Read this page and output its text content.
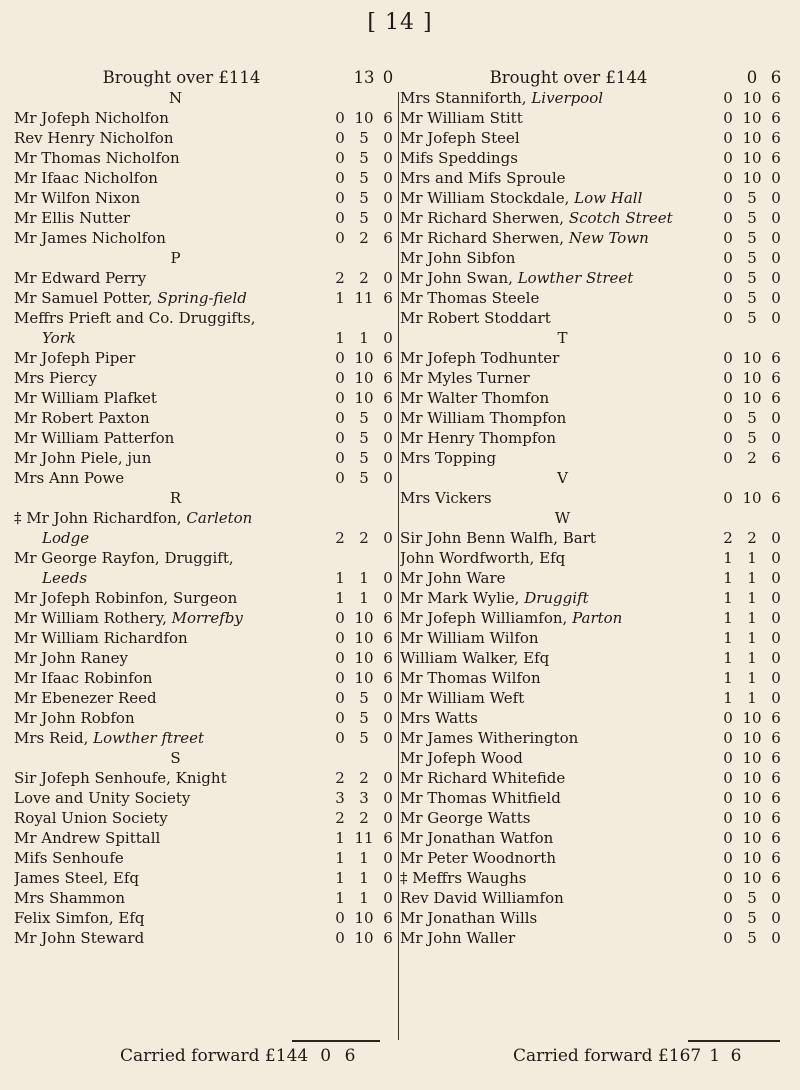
[ 14 ]
Brought over £114	13 0
N
Mr Jofeph Nicholfon	0 10 6
Rev Henry Nicholfon	0 5 0
Mr Thomas Nicholfon	0 5 0
Mr Ifaac Nicholfon	0 5 0
Mr Wilfon Nixon	0 5 0
Mr Ellis Nutter	0 5 0
Mr James Nicholfon	0 2 6
P
Mr Edward Perry	2 2 0
Mr Samuel Potter, Spring-field	1 11 6
Meffrs Prieft and Co. Druggifts,
York	1 1 0
Mr Jofeph Piper	0 10 6
Mrs Piercy	0 10 6
Mr William Plafket	0 10 6
Mr Robert Paxton	0 5 0
Mr William Patterfon	0 5 0
Mr John Piele, jun	0 5 0
Mrs Ann Powe	0 5 0
R
‡ Mr John Richardfon, Carleton
Lodge	2 2 0
Mr George Rayfon, Druggift,
Leeds	1 1 0
Mr Jofeph Robinfon, Surgeon	1 1 0
Mr William Rothery, Morrefby	0 10 6
Mr William Richardfon	0 10 6
Mr John Raney	0 10 6
Mr Ifaac Robinfon	0 10 6
Mr Ebenezer Reed	0 5 0
Mr John Robfon	0 5 0
Mrs Reid, Lowther ftreet	0 5 0
S
Sir Jofeph Senhoufe, Knight	2 2 0
Love and Unity Society	3 3 0
Royal Union Society	2 2 0
Mr Andrew Spittall	1 11 6
Mifs Senhoufe	1 1 0
James Steel, Efq	1 1 0
Mrs Shammon	1 1 0
Felix Simfon, Efq	0 10 6
Mr John Steward	0 10 6
Brought over £144	0 6
Mrs Stanniforth, Liverpool	0 10 6
Mr William Stitt	0 10 6
Mr Jofeph Steel	0 10 6
Mifs Speddings	0 10 6
Mrs and Mifs Sproule	0 10 0
Mr William Stockdale, Low Hall	0 5 0
Mr Richard Sherwen, Scotch Street	0 5 0
Mr Richard Sherwen, New Town	0 5 0
Mr John Sibfon	0 5 0
Mr John Swan, Lowther Street	0 5 0
Mr Thomas Steele	0 5 0
Mr Robert Stoddart	0 5 0
T
Mr Jofeph Todhunter	0 10 6
Mr Myles Turner	0 10 6
Mr Walter Thomfon	0 10 6
Mr William Thompfon	0 5 0
Mr Henry Thompfon	0 5 0
Mrs Topping	0 2 6
V
Mrs Vickers	0 10 6
W
Sir John Benn Walfh, Bart	2 2 0
John Wordfworth, Efq	1 1 0
Mr John Ware	1 1 0
Mr Mark Wylie, Druggift	1 1 0
Mr Jofeph Williamfon, Parton	1 1 0
Mr William Wilfon	1 1 0
William Walker, Efq	1 1 0
Mr Thomas Wilfon	1 1 0
Mr William Weft	1 1 0
Mrs Watts	0 10 6
Mr James Witherington	0 10 6
Mr Jofeph Wood	0 10 6
Mr Richard Whitefide	0 10 6
Mr Thomas Whitfield	0 10 6
Mr George Watts	0 10 6
Mr Jonathan Watfon	0 10 6
Mr Peter Woodnorth	0 10 6
‡ Meffrs Waughs	0 10 6
Rev David Williamfon	0 5 0
Mr Jonathan Wills	0 5 0
Mr John Waller	0 5 0
Carried forward £144 0 6	Carried forward £167 1 6
